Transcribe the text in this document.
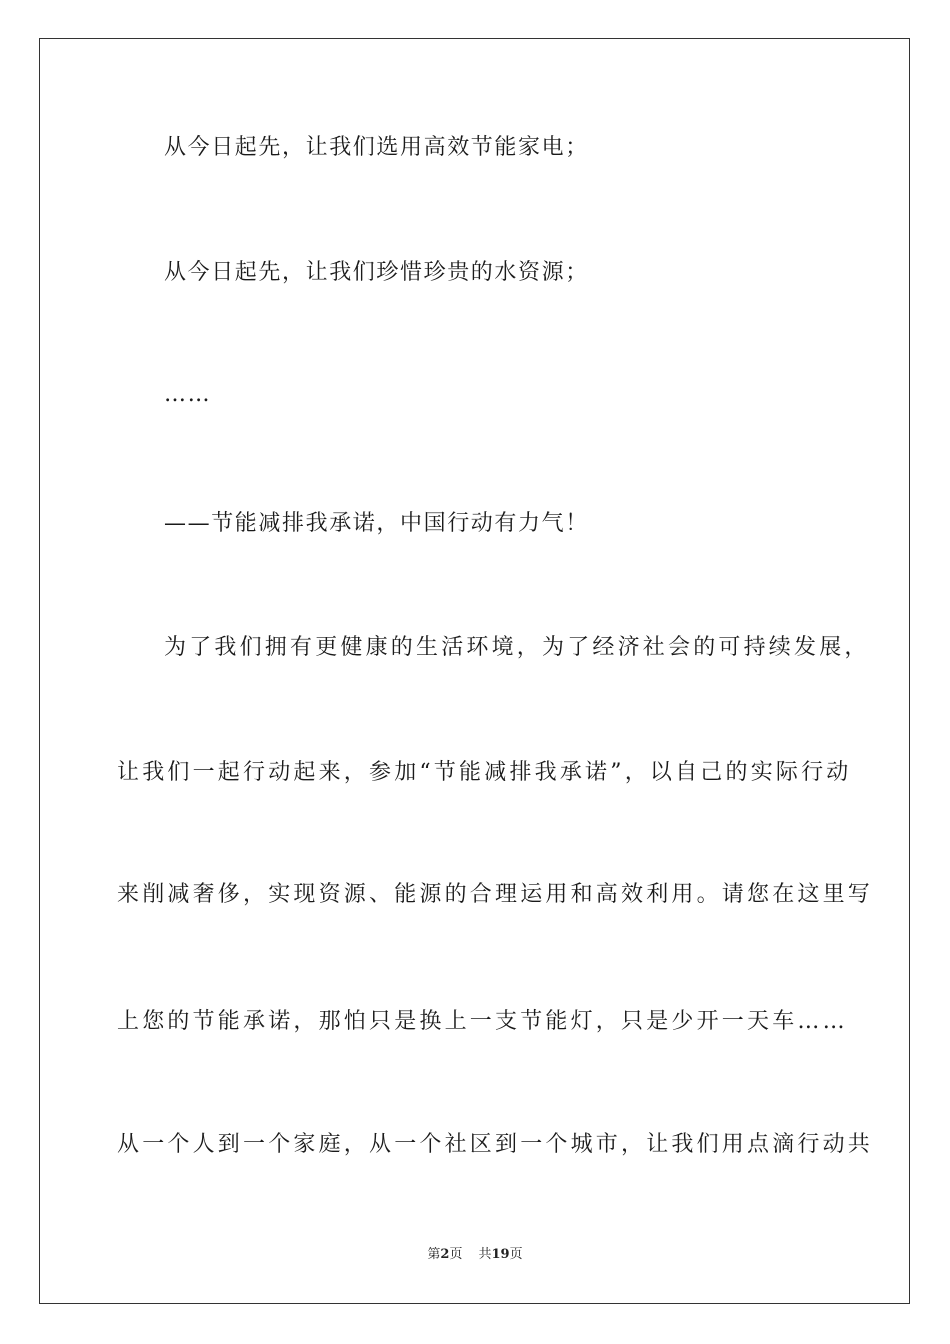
从今日起先，让我们选用高效节能家电；
从今日起先，让我们珍惜珍贵的水资源；
……
——节能减排我承诺，中国行动有力气！
为了我们拥有更健康的生活环境，为了经济社会的可持续发展，
让我们一起行动起来，参加“节能减排我承诺”，以自己的实际行动
来削减奢侈，实现资源、能源的合理运用和高效利用。请您在这里写
上您的节能承诺，那怕只是换上一支节能灯，只是少开一天车……
从一个人到一个家庭，从一个社区到一个城市，让我们用点滴行动共
第2页 共19页
